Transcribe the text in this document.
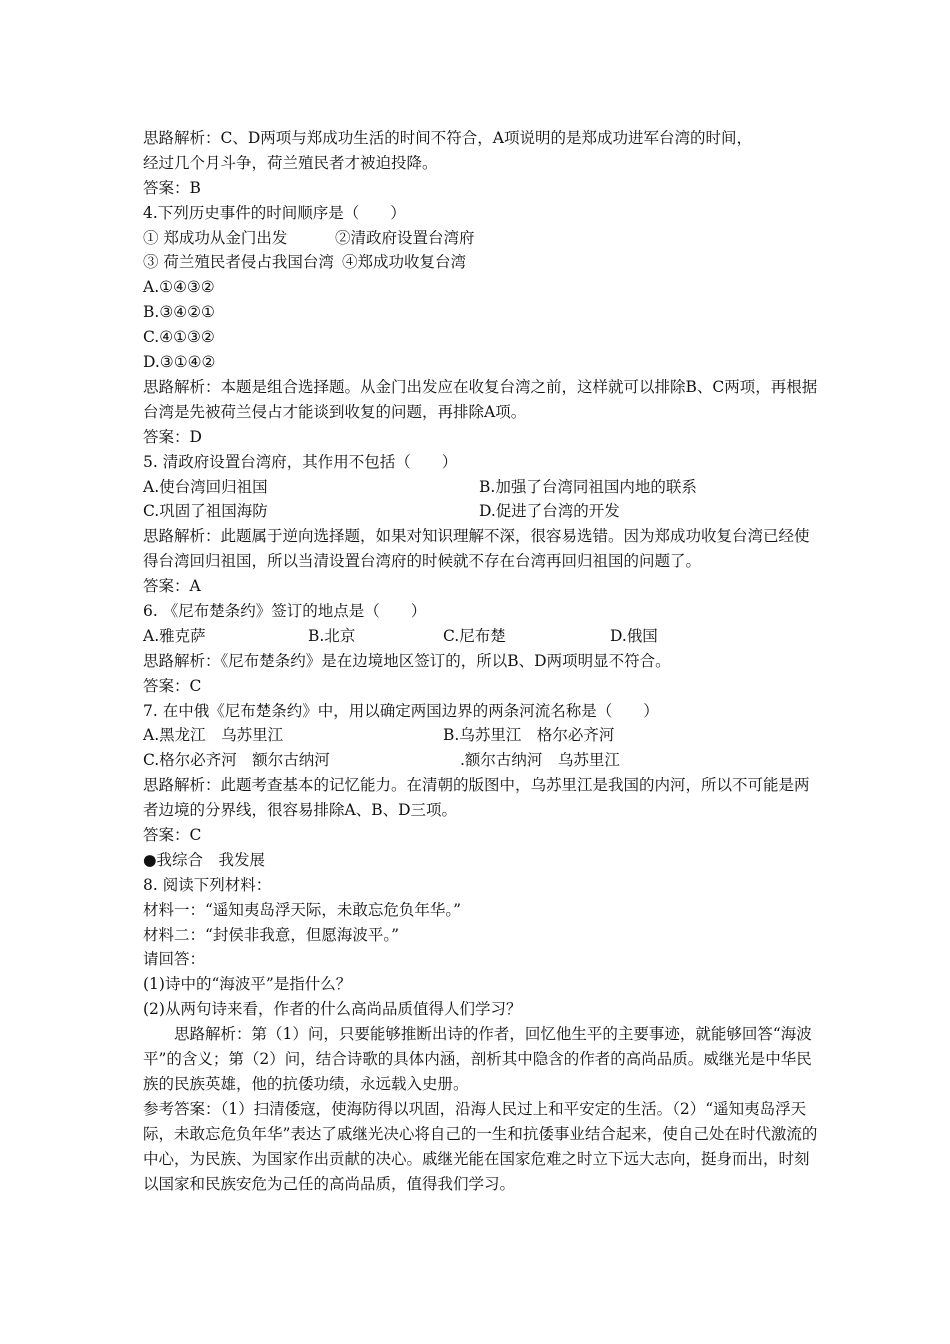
思路解析：C、D两项与郑成功生活的时间不符合，A项说明的是郑成功进军台湾的时间，
经过几个月斗争，荷兰殖民者才被迫投降。
答案：B
4.下列历史事件的时间顺序是（　　）
① 郑成功从金门出发	②清政府设置台湾府
③ 荷兰殖民者侵占我国台湾 ④郑成功收复台湾
A.①④③②
B.③④②①
C.④①③②
D.③①④②
思路解析：本题是组合选择题。从金门出发应在收复台湾之前，这样就可以排除B、C两项，再根据台湾是先被荷兰侵占才能谈到收复的问题，再排除A项。
答案：D
5. 清政府设置台湾府，其作用不包括（　　）
A.使台湾回归祖国	B.加强了台湾同祖国内地的联系
C.巩固了祖国海防	D.促进了台湾的开发
思路解析：此题属于逆向选择题，如果对知识理解不深，很容易选错。因为郑成功收复台湾已经使得台湾回归祖国，所以当清设置台湾府的时候就不存在台湾再回归祖国的问题了。
答案：A
6. 《尼布楚条约》签订的地点是（　　）
A.雅克萨	B.北京	C.尼布楚	D.俄国
思路解析：《尼布楚条约》是在边境地区签订的，所以B、D两项明显不符合。
答案：C
7. 在中俄《尼布楚条约》中，用以确定两国边界的两条河流名称是（　　）
A.黑龙江　乌苏里江	B.乌苏里江　格尔必齐河
C.格尔必齐河　额尔古纳河	.额尔古纳河　乌苏里江
思路解析：此题考查基本的记忆能力。在清朝的版图中，乌苏里江是我国的内河，所以不可能是两者边境的分界线，很容易排除A、B、D三项。
答案：C
●我综合　我发展
8. 阅读下列材料：
材料一：“遥知夷岛浮天际，未敢忘危负年华。”
材料二：“封侯非我意，但愿海波平。”
请回答：
(1)诗中的“海波平”是指什么？
(2)从两句诗来看，作者的什么高尚品质值得人们学习？
思路解析：第（1）问，只要能够推断出诗的作者，回忆他生平的主要事迹，就能够回答“海波平”的含义；第（2）问，结合诗歌的具体内涵，剖析其中隐含的作者的高尚品质。威继光是中华民族的民族英雄，他的抗倭功绩，永远载入史册。
参考答案：（1）扫清倭寇，使海防得以巩固，沿海人民过上和平安定的生活。（2）“遥知夷岛浮天际，未敢忘危负年华”表达了戚继光决心将自己的一生和抗倭事业结合起来，使自己处在时代激流的中心，为民族、为国家作出贡献的决心。戚继光能在国家危难之时立下远大志向，挺身而出，时刻以国家和民族安危为己任的高尚品质，值得我们学习。
